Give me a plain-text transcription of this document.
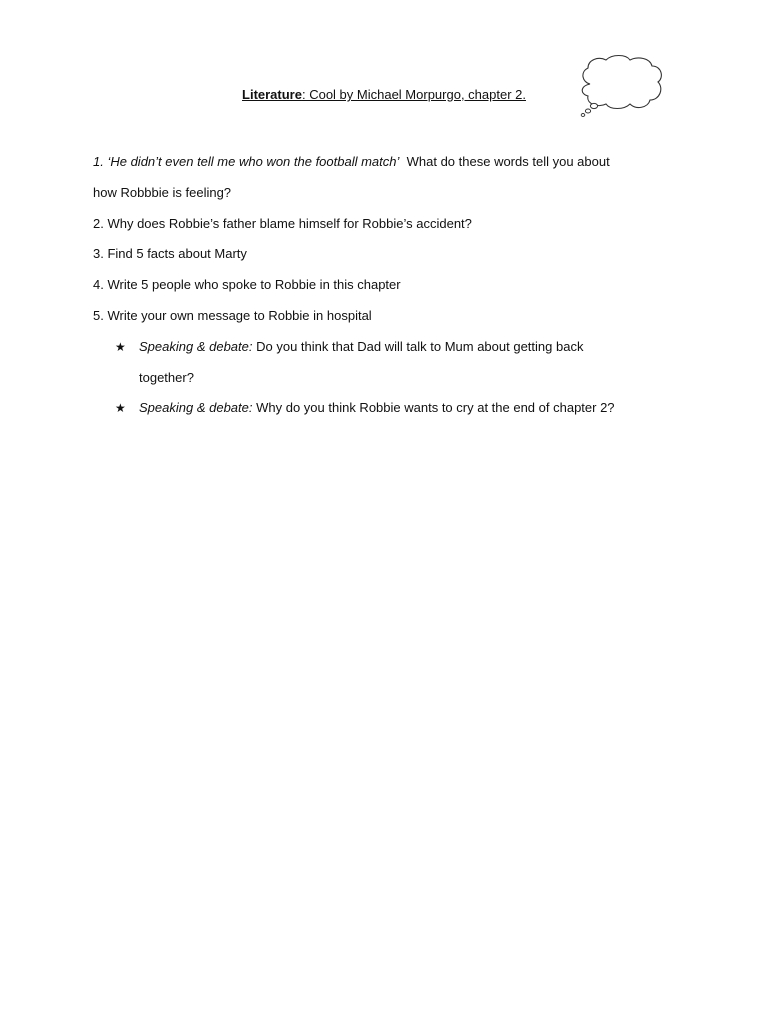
Literature: Cool by Michael Morpurgo, chapter 2.
1. ‘He didn’t even tell me who won the football match’ What do these words tell you about
how Robbbie is feeling?
2. Why does Robbie’s father blame himself for Robbie’s accident?
3. Find 5 facts about Marty
4. Write 5 people who spoke to Robbie in this chapter
5. Write your own message to Robbie in hospital
★ Speaking & debate: Do you think that Dad will talk to Mum about getting back
together?
★ Speaking & debate: Why do you think Robbie wants to cry at the end of chapter 2?
